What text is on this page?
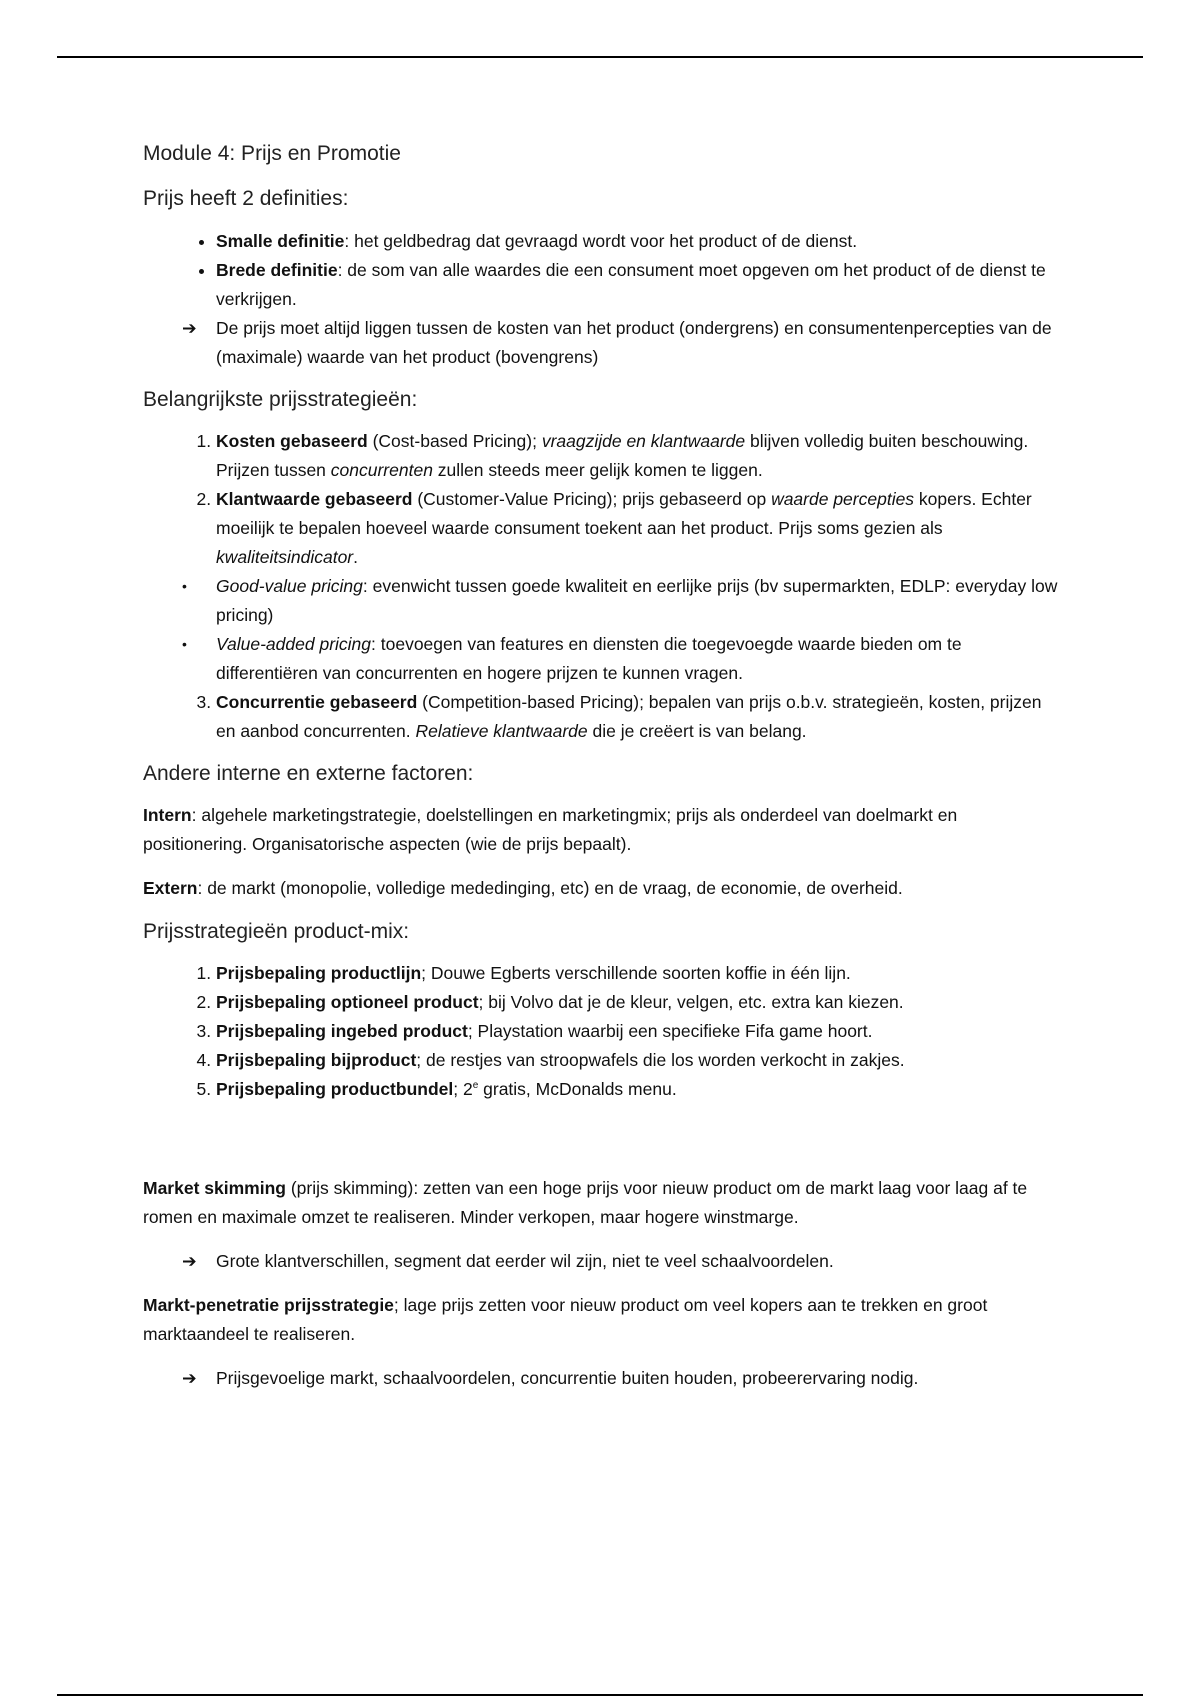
Module 4: Prijs en Promotie
Prijs heeft 2 definities:
• Smalle definitie: het geldbedrag dat gevraagd wordt voor het product of de dienst.
• Brede definitie: de som van alle waardes die een consument moet opgeven om het product of de dienst te verkrijgen.
➔ De prijs moet altijd liggen tussen de kosten van het product (ondergrens) en consumentenpercepties van de (maximale) waarde van het product (bovengrens)
Belangrijkste prijsstrategieën:
1. Kosten gebaseerd (Cost-based Pricing); vraagzijde en klantwaarde blijven volledig buiten beschouwing. Prijzen tussen concurrenten zullen steeds meer gelijk komen te liggen.
2. Klantwaarde gebaseerd (Customer-Value Pricing); prijs gebaseerd op waarde percepties kopers. Echter moeilijk te bepalen hoeveel waarde consument toekent aan het product. Prijs soms gezien als kwaliteitsindicator.
• Good-value pricing: evenwicht tussen goede kwaliteit en eerlijke prijs (bv supermarkten, EDLP: everyday low pricing)
• Value-added pricing: toevoegen van features en diensten die toegevoegde waarde bieden om te differentiëren van concurrenten en hogere prijzen te kunnen vragen.
3. Concurrentie gebaseerd (Competition-based Pricing); bepalen van prijs o.b.v. strategieën, kosten, prijzen en aanbod concurrenten. Relatieve klantwaarde die je creëert is van belang.
Andere interne en externe factoren:

Intern: algehele marketingstrategie, doelstellingen en marketingmix; prijs als onderdeel van doelmarkt en positionering. Organisatorische aspecten (wie de prijs bepaalt).

Extern: de markt (monopolie, volledige mededinging, etc) en de vraag, de economie, de overheid.

Prijsstrategieën product-mix:
1. Prijsbepaling productlijn; Douwe Egberts verschillende soorten koffie in één lijn.
2. Prijsbepaling optioneel product; bij Volvo dat je de kleur, velgen, etc. extra kan kiezen.
3. Prijsbepaling ingebed product; Playstation waarbij een specifieke Fifa game hoort.
4. Prijsbepaling bijproduct; de restjes van stroopwafels die los worden verkocht in zakjes.
5. Prijsbepaling productbundel; 2e gratis, McDonalds menu.

Market skimming (prijs skimming): zetten van een hoge prijs voor nieuw product om de markt laag voor laag af te romen en maximale omzet te realiseren. Minder verkopen, maar hogere winstmarge.

➔ Grote klantverschillen, segment dat eerder wil zijn, niet te veel schaalvoordelen.

Markt-penetratie prijsstrategie; lage prijs zetten voor nieuw product om veel kopers aan te trekken en groot marktaandeel te realiseren.

➔ Prijsgevoelige markt, schaalvoordelen, concurrentie buiten houden, probeerervaring nodig.
